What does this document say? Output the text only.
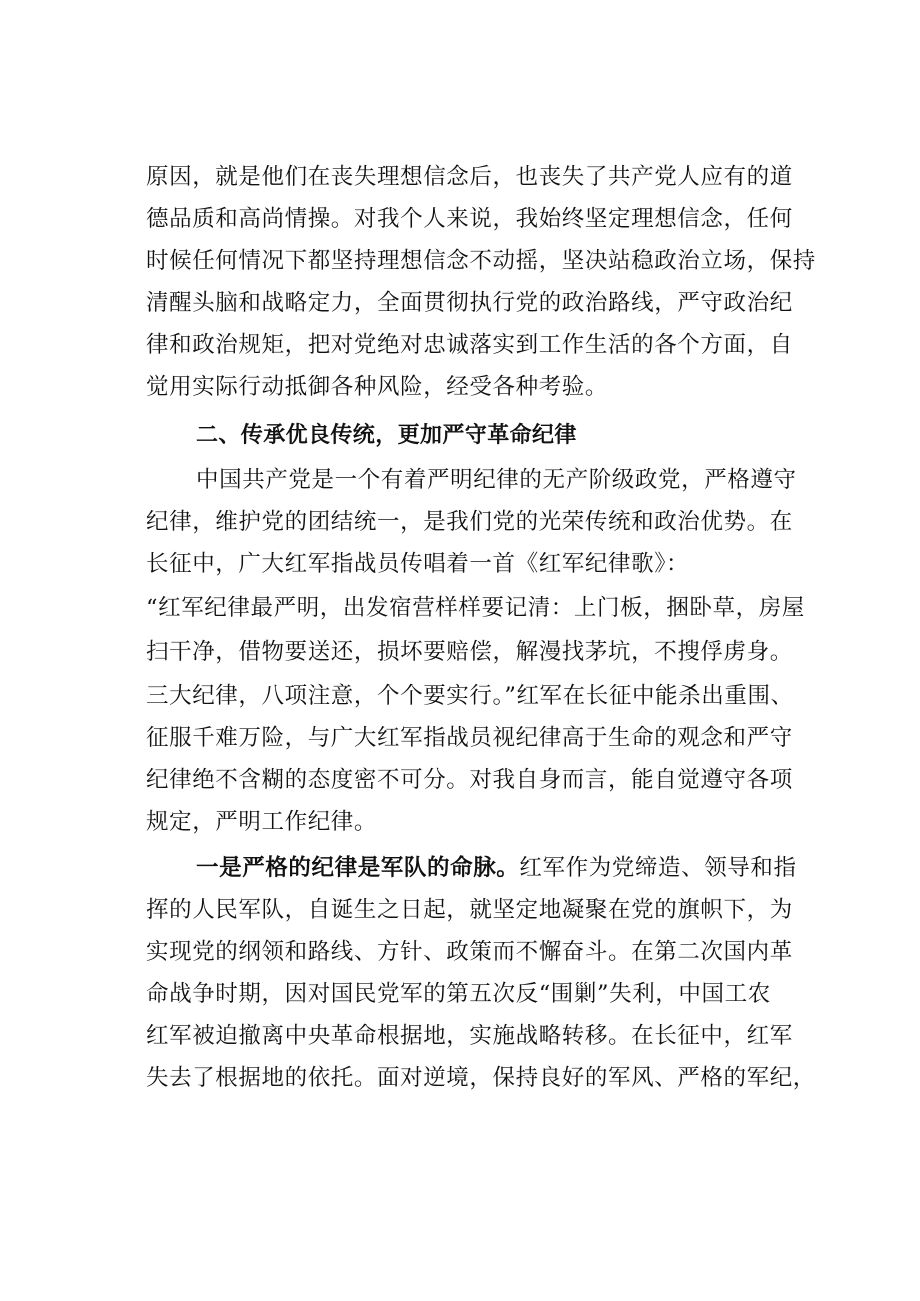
原因，就是他们在丧失理想信念后，也丧失了共产党人应有的道
德品质和高尚情操。对我个人来说，我始终坚定理想信念，任何
时候任何情况下都坚持理想信念不动摇，坚决站稳政治立场，保持
清醒头脑和战略定力，全面贯彻执行党的政治路线，严守政治纪
律和政治规矩，把对党绝对忠诚落实到工作生活的各个方面，自
觉用实际行动抵御各种风险，经受各种考验。
二、传承优良传统，更加严守革命纪律
中国共产党是一个有着严明纪律的无产阶级政党，严格遵守
纪律，维护党的团结统一，是我们党的光荣传统和政治优势。在
长征中，广大红军指战员传唱着一首《红军纪律歌》：
“红军纪律最严明，出发宿营样样要记清：上门板，捆卧草，房屋
扫干净，借物要送还，损坏要赔偿，解漫找茅坑，不搜俘虏身。
三大纪律，八项注意，个个要实行。”红军在长征中能杀出重围、
征服千难万险，与广大红军指战员视纪律高于生命的观念和严守
纪律绝不含糊的态度密不可分。对我自身而言，能自觉遵守各项
规定，严明工作纪律。
一是严格的纪律是军队的命脉。红军作为党缔造、领导和指
挥的人民军队，自诞生之日起，就坚定地凝聚在党的旗帜下，为
实现党的纲领和路线、方针、政策而不懈奋斗。在第二次国内革
命战争时期，因对国民党军的第五次反“围剿”失利，中国工农
红军被迫撤离中央革命根据地，实施战略转移。在长征中，红军
失去了根据地的依托。面对逆境，保持良好的军风、严格的军纪，
